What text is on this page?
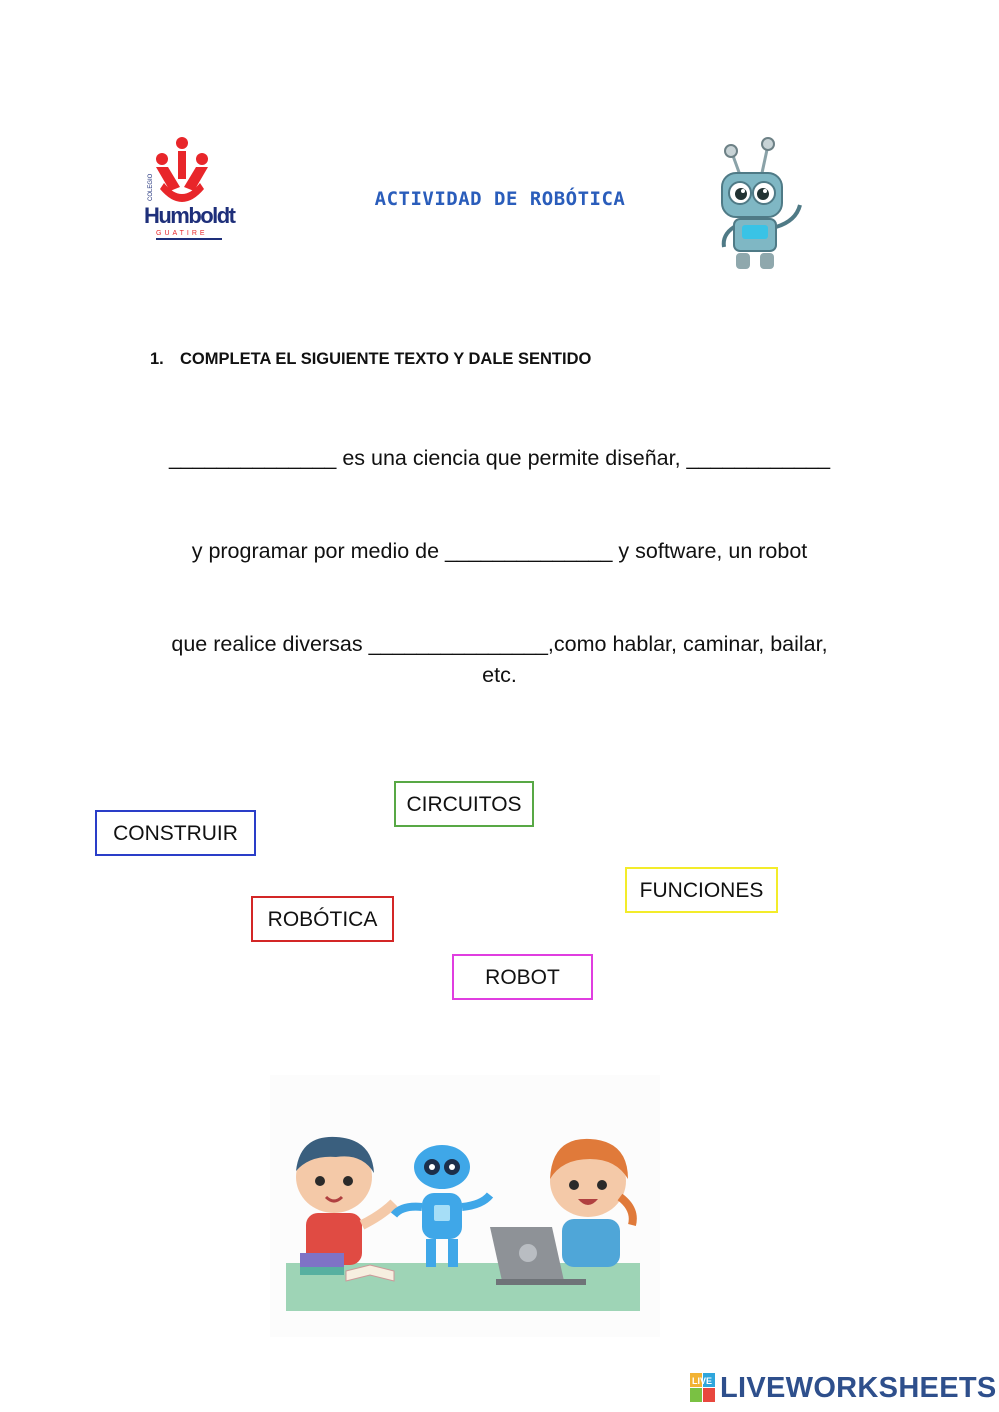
COLEGIO
Humboldt
GUATIRE
ACTIVIDAD DE ROBÓTICA
1. COMPLETA EL SIGUIENTE TEXTO Y DALE SENTIDO
______________ es una ciencia que permite diseñar, ____________
y programar por medio de ______________ y software, un robot
que realice diversas _______________,como hablar, caminar, bailar,
etc.
CIRCUITOS
CONSTRUIR
FUNCIONES
ROBÓTICA
ROBOT
LIVE LIVEWORKSHEETS
